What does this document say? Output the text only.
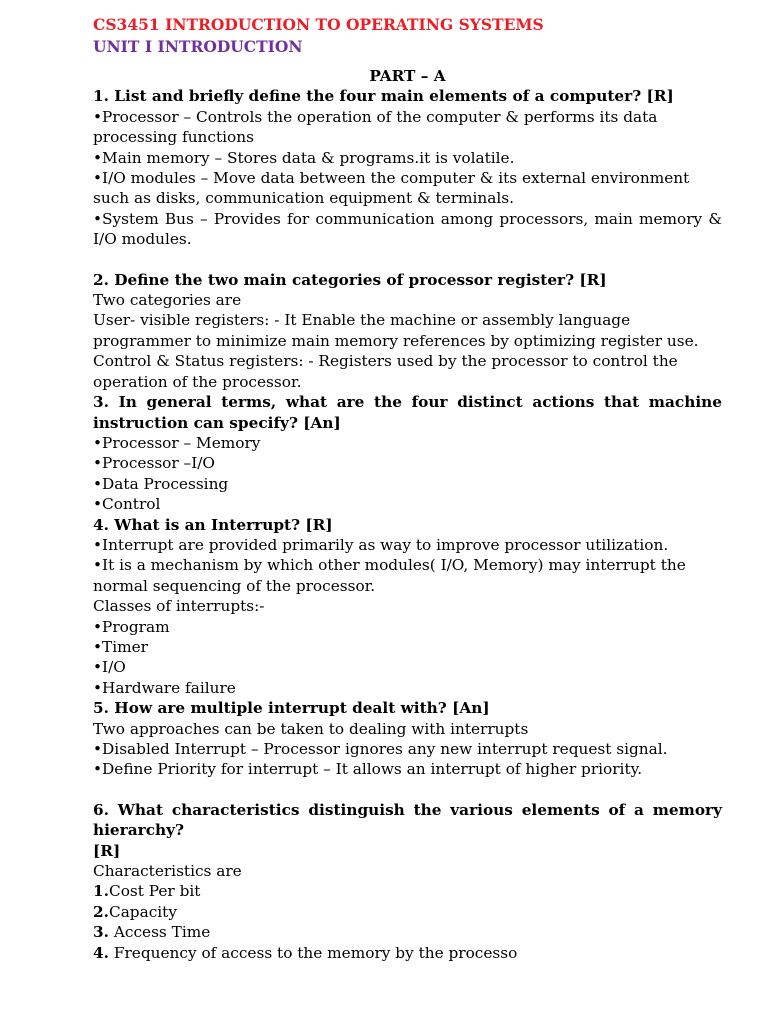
CS3451 INTRODUCTION TO OPERATING SYSTEMS
UNIT I INTRODUCTION
PART – A
1. List and briefly define the four main elements of a computer? [R]
• Processor – Controls the operation of the computer & performs its data
processing functions
• Main memory – Stores data & programs.it is volatile.
• I/O modules – Move data between the computer & its external environment
such as disks, communication equipment & terminals.
• System Bus – Provides for communication among processors, main memory &
I/O modules.
2. Define the two main categories of processor register? [R]
Two categories are
User- visible registers: - It Enable the machine or assembly language
programmer to minimize main memory references by optimizing register use.
Control & Status registers: - Registers used by the processor to control the
operation of the processor.
3. In general terms, what are the four distinct actions that machine
instruction can specify? [An]
• Processor – Memory
• Processor –I/O
• Data Processing
• Control
4. What is an Interrupt? [R]
• Interrupt are provided primarily as way to improve processor utilization.
• It is a mechanism by which other modules( I/O, Memory) may interrupt the
normal sequencing of the processor.
Classes of interrupts:-
• Program
• Timer
• I/O
• Hardware failure
5. How are multiple interrupt dealt with? [An]
Two approaches can be taken to dealing with interrupts
• Disabled Interrupt – Processor ignores any new interrupt request signal.
• Define Priority for interrupt – It allows an interrupt of higher priority.
6. What characteristics distinguish the various elements of a memory
hierarchy?
[R]
Characteristics are
1.Cost Per bit
2.Capacity
3. Access Time
4. Frequency of access to the memory by the processo
